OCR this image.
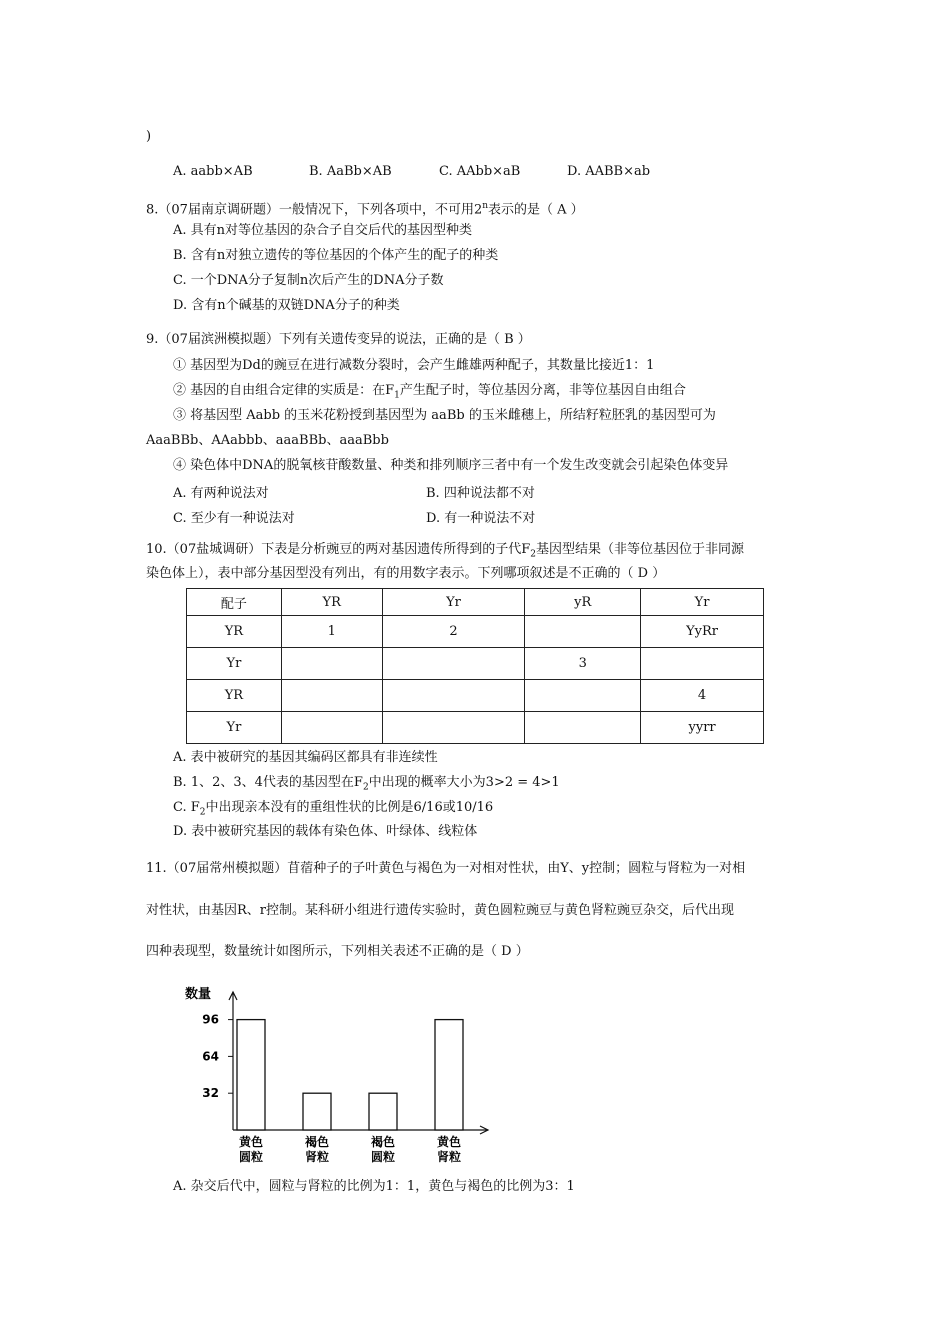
)
A. aabb×AB	B. AaBb×AB	C. AAbb×aB	D. AABB×ab
8.（07届南京调研题）一般情况下，下列各项中，不可用2$^n$表示的是（ A ）
A. 具有n对等位基因的杂合子自交后代的基因型种类
B. 含有n对独立遗传的等位基因的个体产生的配子的种类
C. 一个DNA分子复制n次后产生的DNA分子数
D. 含有n个碱基的双链DNA分子的种类
9.（07届滨洲模拟题）下列有关遗传变异的说法，正确的是（ B ）
① 基因型为Dd的豌豆在进行减数分裂时，会产生雌雄两种配子，其数量比接近1：1
② 基因的自由组合定律的实质是：在$F_1$产生配子时，等位基因分离，非等位基因自由组合
③ 将基因型 Aabb 的玉米花粉授到基因型为 aaBb 的玉米雌穗上，所结籽粒胚乳的基因型可为
AaaBBb、AAabbb、aaaBBb、aaaBbb
④ 染色体中DNA的脱氧核苷酸数量、种类和排列顺序三者中有一个发生改变就会引起染色体变异
A. 有两种说法对	B. 四种说法都不对
C. 至少有一种说法对	D. 有一种说法不对
10.（07盐城调研）下表是分析豌豆的两对基因遗传所得到的子代$F_2$基因型结果（非等位基因位于非同源
染色体上），表中部分基因型没有列出，有的用数字表示。下列哪项叙述是不正确的（ D ）
配子	YR	Yr	yR	Yr
YR	1	2		YyRr
Yr			3	
YR				4
Yr				yyrr
A. 表中被研究的基因其编码区都具有非连续性
B. 1、2、3、4代表的基因型在$F_2$中出现的概率大小为3>2 = 4>1
C. $F_2$中出现亲本没有的重组性状的比例是6/16或10/16
D. 表中被研究基因的载体有染色体、叶绿体、线粒体
11.（07届常州模拟题）苜蓿种子的子叶黄色与褐色为一对相对性状，由Y、y控制；圆粒与肾粒为一对相
对性状，由基因R、r控制。某科研小组进行遗传实验时，黄色圆粒豌豆与黄色肾粒豌豆杂交，后代出现
四种表现型，数量统计如图所示，下列相关表述不正确的是（ D ）
数量
96
64
32
黄色
圆粒
褐色
肾粒
褐色
圆粒
黄色
肾粒
A. 杂交后代中，圆粒与肾粒的比例为1：1，黄色与褐色的比例为3：1
